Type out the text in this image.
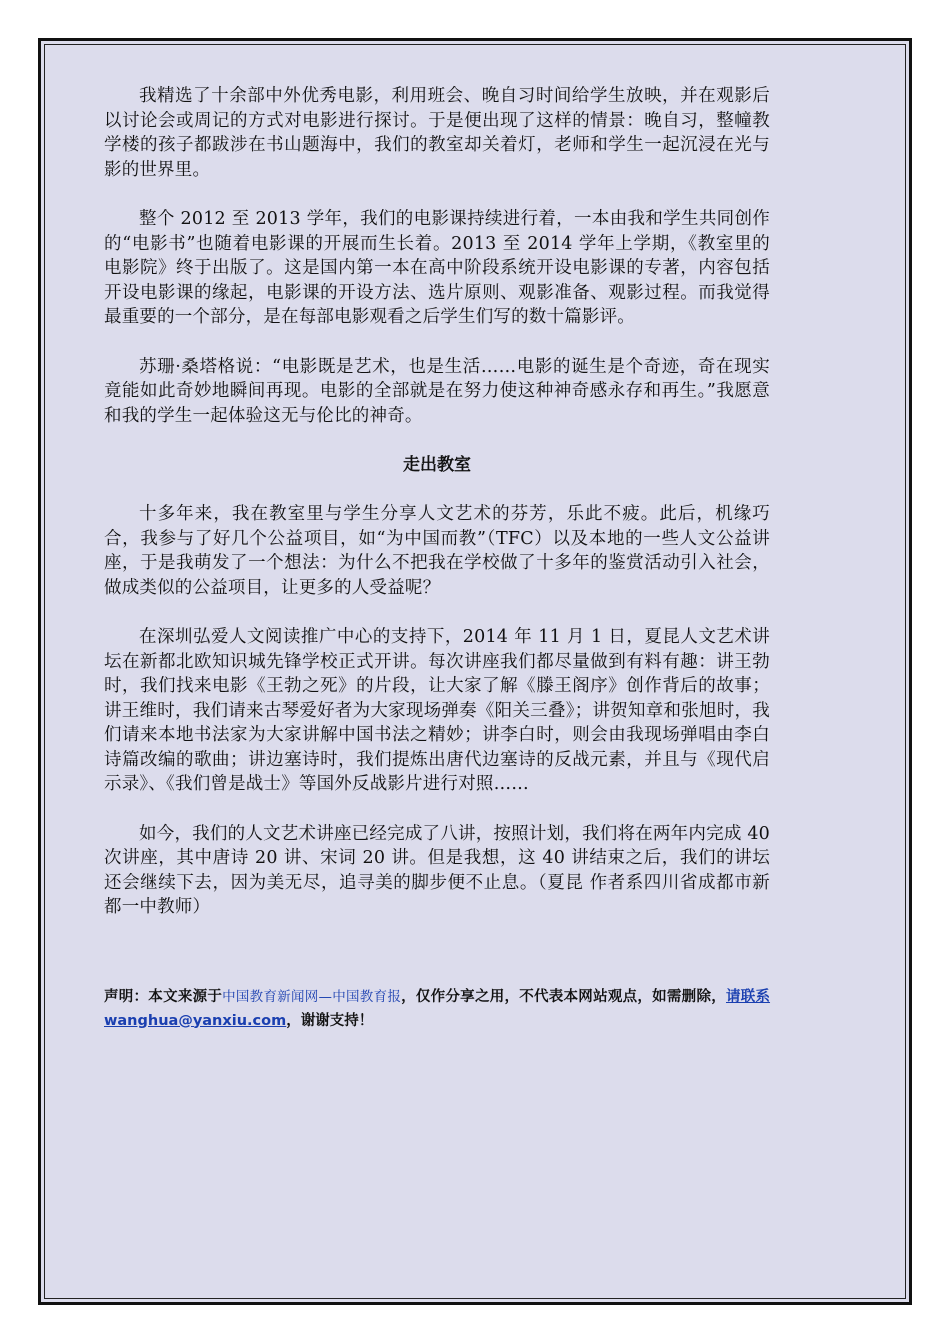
我精选了十余部中外优秀电影，利用班会、晚自习时间给学生放映，并在观影后以讨论会或周记的方式对电影进行探讨。于是便出现了这样的情景：晚自习，整幢教学楼的孩子都跋涉在书山题海中，我们的教室却关着灯，老师和学生一起沉浸在光与影的世界里。

整个 2012 至 2013 学年，我们的电影课持续进行着，一本由我和学生共同创作的“电影书”也随着电影课的开展而生长着。2013 至 2014 学年上学期，《教室里的电影院》终于出版了。这是国内第一本在高中阶段系统开设电影课的专著，内容包括开设电影课的缘起，电影课的开设方法、选片原则、观影准备、观影过程。而我觉得最重要的一个部分，是在每部电影观看之后学生们写的数十篇影评。

苏珊·桑塔格说：“电影既是艺术，也是生活……电影的诞生是个奇迹，奇在现实竟能如此奇妙地瞬间再现。电影的全部就是在努力使这种神奇感永存和再生。”我愿意和我的学生一起体验这无与伦比的神奇。

走出教室

十多年来，我在教室里与学生分享人文艺术的芬芳，乐此不疲。此后，机缘巧合，我参与了好几个公益项目，如“为中国而教”（TFC）以及本地的一些人文公益讲座，于是我萌发了一个想法：为什么不把我在学校做了十多年的鉴赏活动引入社会，做成类似的公益项目，让更多的人受益呢？

在深圳弘爱人文阅读推广中心的支持下，2014 年 11 月 1 日，夏昆人文艺术讲坛在新都北欧知识城先锋学校正式开讲。每次讲座我们都尽量做到有料有趣：讲王勃时，我们找来电影《王勃之死》的片段，让大家了解《滕王阁序》创作背后的故事；讲王维时，我们请来古琴爱好者为大家现场弹奏《阳关三叠》；讲贺知章和张旭时，我们请来本地书法家为大家讲解中国书法之精妙；讲李白时，则会由我现场弹唱由李白诗篇改编的歌曲；讲边塞诗时，我们提炼出唐代边塞诗的反战元素，并且与《现代启示录》、《我们曾是战士》等国外反战影片进行对照……

如今，我们的人文艺术讲座已经完成了八讲，按照计划，我们将在两年内完成 40 次讲座，其中唐诗 20 讲、宋词 20 讲。但是我想，这 40 讲结束之后，我们的讲坛还会继续下去，因为美无尽，追寻美的脚步便不止息。（夏昆 作者系四川省成都市新都一中教师）

声明：本文来源于中国教育新闻网—中国教育报，仅作分享之用，不代表本网站观点，如需删除，请联系 wanghua@yanxiu.com，谢谢支持！
